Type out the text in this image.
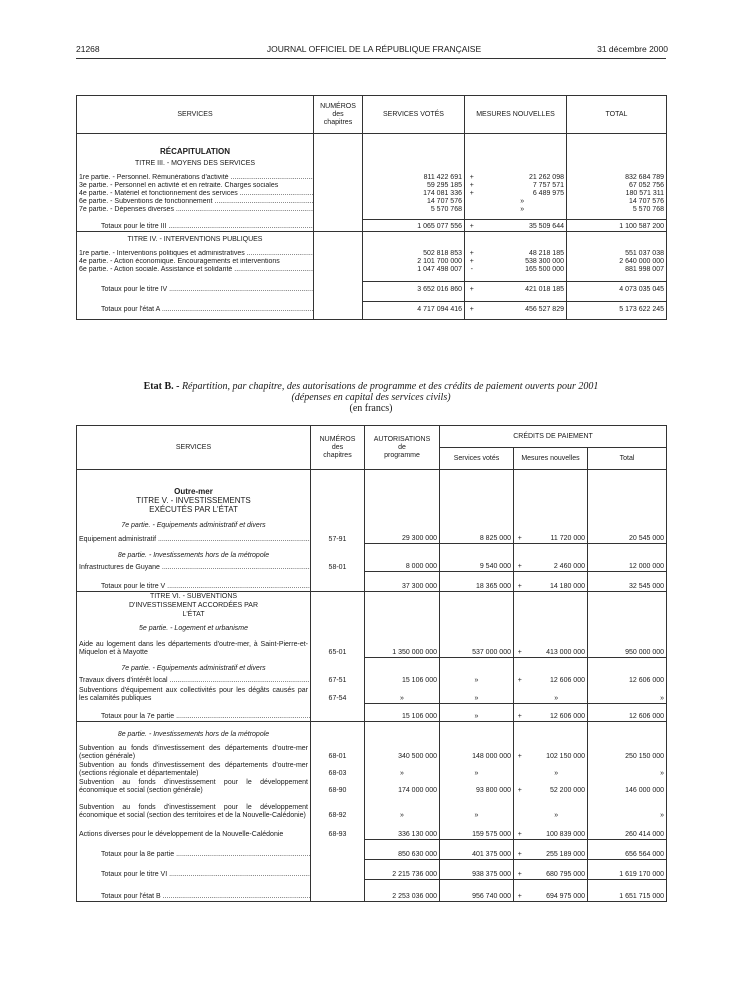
21268	JOURNAL OFFICIEL DE LA RÉPUBLIQUE FRANÇAISE	31 décembre 2000
SERVICES	NUMÉROS
des
chapitres	SERVICES VOTÉS	MESURES NOUVELLES		TOTAL
RÉCAPITULATION					
TITRE III. - MOYENS DES SERVICES					

1re partie. - Personnel. Rémunérations d'activité .....		811 422 691	+	21 262 098	832 684 789
3e partie. - Personnel en activité et en retraite. Charges sociales		59 295 185	+	7 757 571	67 052 756
4e partie. - Matériel et fonctionnement des services .....		174 081 336	+	6 489 975	180 571 311
6e partie. - Subventions de fonctionnement .....		14 707 576		»	14 707 576
7e partie. - Dépenses diverses .....		5 570 768		»	5 570 768

Totaux pour le titre III .....		1 065 077 556	+	35 509 644	1 100 587 200
TITRE IV. - INTERVENTIONS PUBLIQUES					

1re partie. - Interventions politiques et administratives .....		502 818 853	+	48 218 185	551 037 038
4e partie. - Action économique. Encouragements et interventions		2 101 700 000	+	538 300 000	2 640 000 000
6e partie. - Action sociale. Assistance et solidarité .....		1 047 498 007	-	165 500 000	881 998 007

Totaux pour le titre IV .....		3 652 016 860	+	421 018 185	4 073 035 045

Totaux pour l'état A .....		4 717 094 416	+	456 527 829	5 173 622 245

Etat B. - Répartition, par chapitre, des autorisations de programme et des crédits de paiement ouverts pour 2001
(dépenses en capital des services civils)
(en francs)
SERVICES	NUMÉROS
des
chapitres	AUTORISATIONS
de
programme	CRÉDITS DE PAIEMENT			
			Services votés	Mesures nouvelles		Total
Outre-mer						
TITRE V. - INVESTISSEMENTS EXÉCUTÉS PAR L'ÉTAT						
7e partie. - Equipements administratif et divers						
Equipement administratif .....	57-91	29 300 000	8 825 000	+	11 720 000	20 545 000
8e partie. - Investissements hors de la métropole						
Infrastructures de Guyane .....	58-01	8 000 000	9 540 000	+	2 460 000	12 000 000
Totaux pour le titre V .....		37 300 000	18 365 000	+	14 180 000	32 545 000
TITRE VI. - SUBVENTIONS D'INVESTISSEMENT ACCORDÉES PAR L'ÉTAT						
5e partie. - Logement et urbanisme						
Aide au logement dans les départements d'outre-mer, à Saint-Pierre-et-Miquelon et à Mayotte	65-01	1 350 000 000	537 000 000	+	413 000 000	950 000 000
7e partie. - Equipements administratif et divers						
Travaux divers d'intérêt local .....	67-51	15 106 000	»	+	12 606 000	12 606 000
Subventions d'équipement aux collectivités pour les dégâts causés par les calamités publiques	67-54	»	»		»	»
Totaux pour la 7e partie .....		15 106 000	»	+	12 606 000	12 606 000
8e partie. - Investissements hors de la métropole						
Subvention au fonds d'investissement des départements d'outre-mer (section générale)	68-01	340 500 000	148 000 000	+	102 150 000	250 150 000
Subvention au fonds d'investissement des départements d'outre-mer (sections régionale et départementale)	68-03	»	»		»	»
Subvention au fonds d'investissement pour le développement économique et social (section générale)	68-90	174 000 000	93 800 000	+	52 200 000	146 000 000
Subvention au fonds d'investissement pour le développement économique et social (section des territoires et de la Nouvelle-Calédonie)	68-92	»	»		»	»
Actions diverses pour le développement de la Nouvelle-Calédonie	68-93	336 130 000	159 575 000	+	100 839 000	260 414 000
Totaux pour la 8e partie .....		850 630 000	401 375 000	+	255 189 000	656 564 000
Totaux pour le titre VI .....		2 215 736 000	938 375 000	+	680 795 000	1 619 170 000
Totaux pour l'état B .....		2 253 036 000	956 740 000	+	694 975 000	1 651 715 000
